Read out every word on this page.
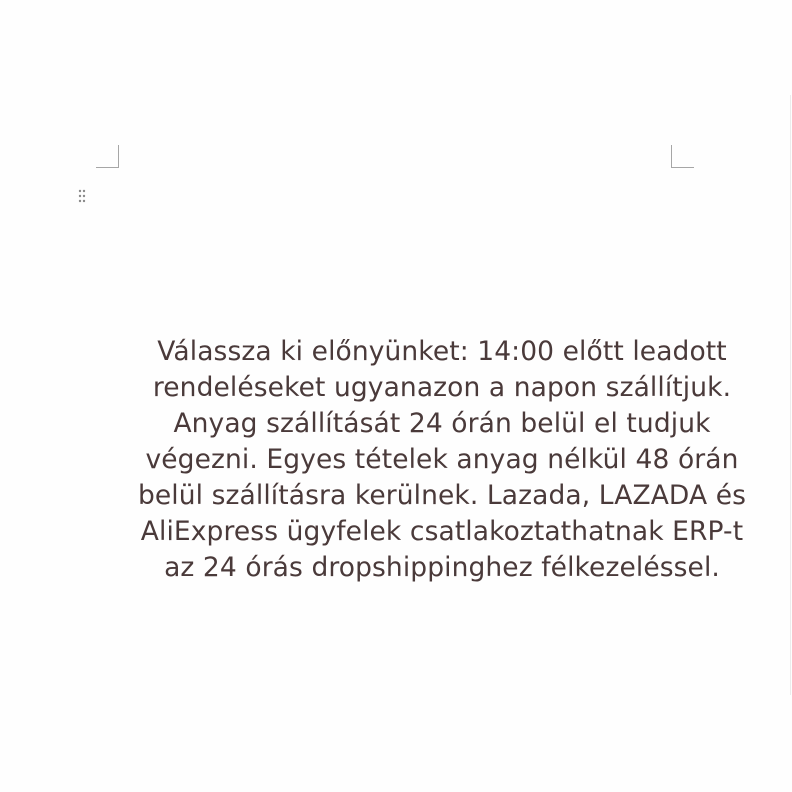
Válassza ki előnyünket: 14:00 előtt leadott
rendeléseket ugyanazon a napon szállítjuk.
Anyag szállítását 24 órán belül el tudjuk
végezni. Egyes tételek anyag nélkül 48 órán
belül szállításra kerülnek. Lazada, LAZADA és
AliExpress ügyfelek csatlakoztathatnak ERP-t
az 24 órás dropshippinghez félkezeléssel.
